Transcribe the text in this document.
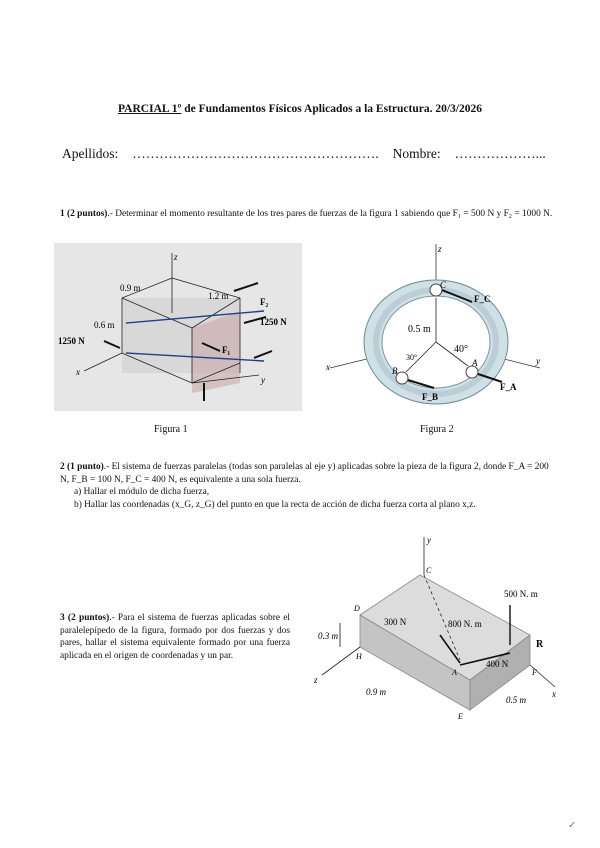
PARCIAL 1º de Fundamentos Físicos Aplicados a la Estructura. 20/3/2026
Apellidos: ………………………………………………. Nombre: ………………...
1 (2 puntos).- Determinar el momento resultante de los tres pares de fuerzas de la figura 1 sabiendo que F₁ = 500 N y F₂ = 1000 N.
z
x
y
0.9 m
1.2 m
0.6 m
1250 N
1250 N
F₁
F₂
Figura 1
z
x
y
0.5 m
40°
30°
C
B
A
F_C
F_B
F_A
Figura 2
2 (1 punto).- El sistema de fuerzas paralelas (todas son paralelas al eje y) aplicadas sobre la pieza de la figura 2, donde F_A = 200 N, F_B = 100 N, F_C = 400 N, es equivalente a una sola fuerza.
a) Hallar el módulo de dicha fuerza,
b) Hallar las coordenadas (x_G, z_G) del punto en que la recta de acción de dicha fuerza corta al plano x,z.
3 (2 puntos).- Para el sistema de fuerzas aplicadas sobre el paralelepípedo de la figura, formado por dos fuerzas y dos pares, hallar el sistema equivalente formado por una fuerza aplicada en el origen de coordenadas y un par.
y
z
x
C
D
H
A
E
F
300 N	800 N. m
500 N. m
400 N
R
0.3 m
0.9 m
0.5 m
✓
